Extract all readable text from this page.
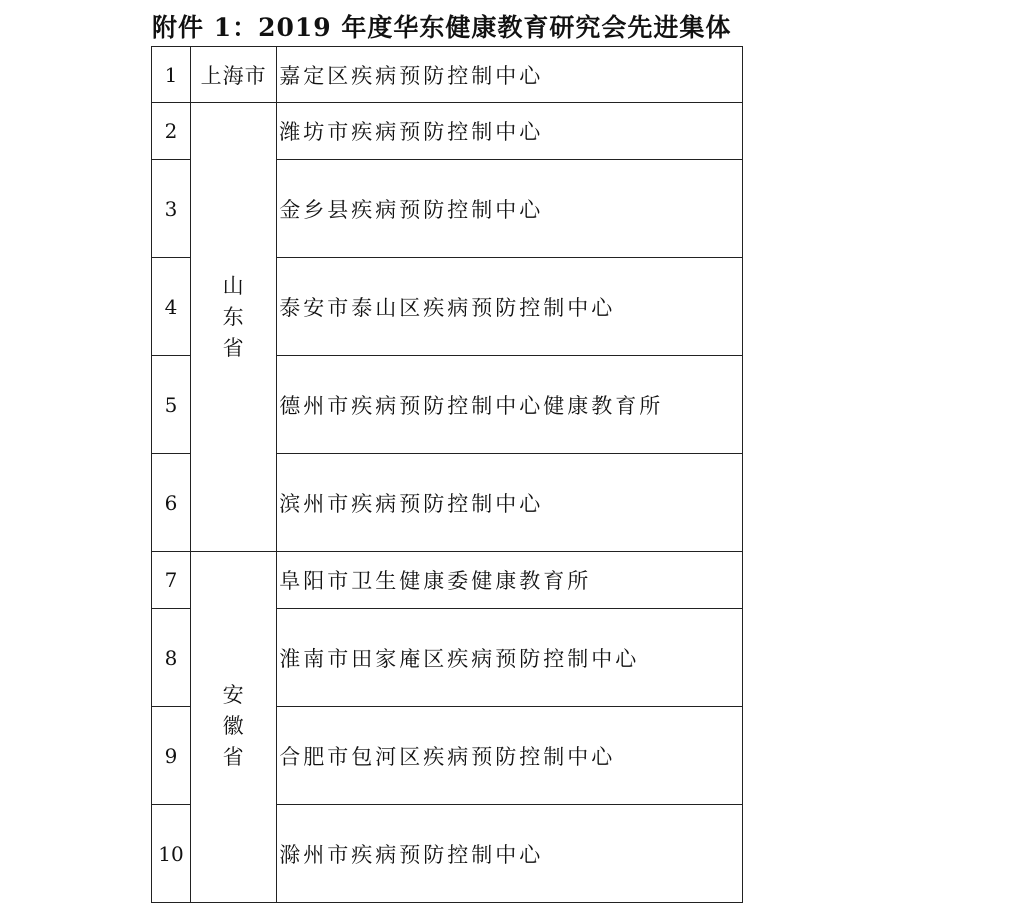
附件 1：2019 年度华东健康教育研究会先进集体
1	上海市	嘉定区疾病预防控制中心
2	山东省	潍坊市疾病预防控制中心
3		金乡县疾病预防控制中心
4		泰安市泰山区疾病预防控制中心
5		德州市疾病预防控制中心健康教育所
6		滨州市疾病预防控制中心
7	安徽省	阜阳市卫生健康委健康教育所
8		淮南市田家庵区疾病预防控制中心
9		合肥市包河区疾病预防控制中心
10		滁州市疾病预防控制中心
